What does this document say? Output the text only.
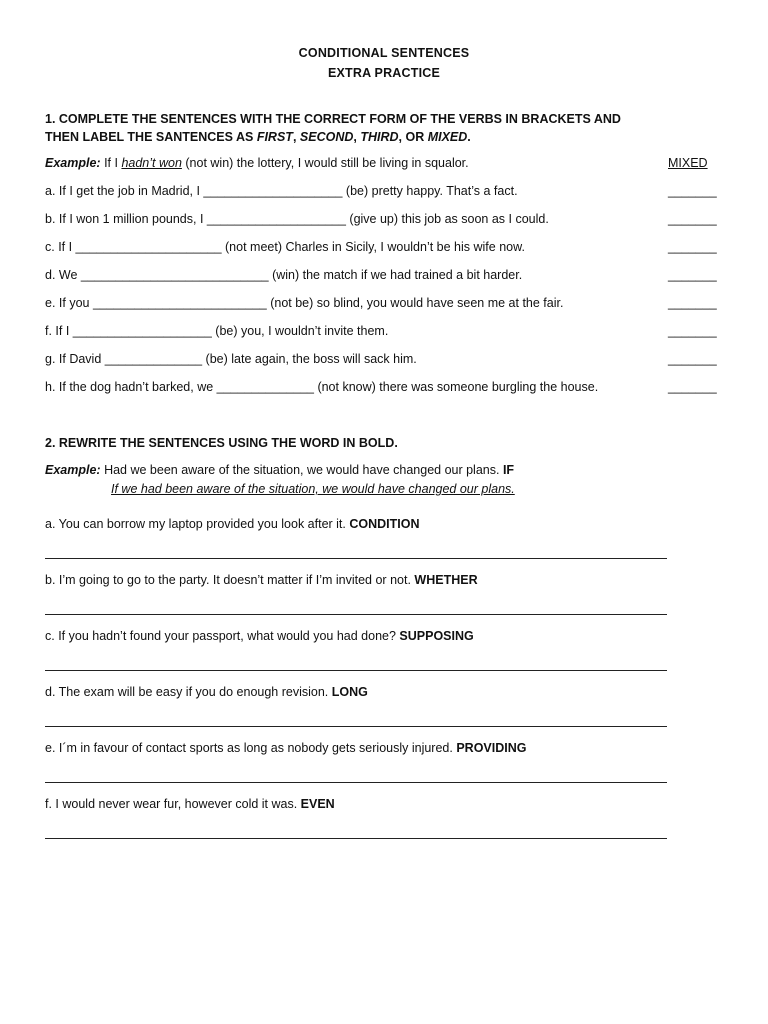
CONDITIONAL SENTENCES
EXTRA PRACTICE
1. COMPLETE THE SENTENCES WITH THE CORRECT FORM OF THE VERBS IN BRACKETS AND
THEN LABEL THE SANTENCES AS FIRST, SECOND, THIRD, OR MIXED.
Example: If I hadn’t won (not win) the lottery, I would still be living in squalor.	MIXED
a. If I get the job in Madrid, I ____________________ (be) pretty happy. That’s a fact.	_______
b. If I won 1 million pounds, I ____________________ (give up) this job as soon as I could.	_______
c. If I _____________________ (not meet) Charles in Sicily, I wouldn’t be his wife now.	_______
d. We ___________________________ (win) the match if we had trained a bit harder.	_______
e. If you _________________________ (not be) so blind, you would have seen me at the fair.	_______
f. If I ____________________ (be) you, I wouldn’t invite them.	_______
g. If David ______________ (be) late again, the boss will sack him.	_______
h. If the dog hadn’t barked, we ______________ (not know) there was someone burgling the house.	_______
2. REWRITE THE SENTENCES USING THE WORD IN BOLD.
Example: Had we been aware of the situation, we would have changed our plans. IF
If we had been aware of the situation, we would have changed our plans.
a. You can borrow my laptop provided you look after it. CONDITION
b. I’m going to go to the party. It doesn’t matter if I’m invited or not. WHETHER
c. If you hadn’t found your passport, what would you had done? SUPPOSING
d. The exam will be easy if you do enough revision. LONG
e. I´m in favour of contact sports as long as nobody gets seriously injured. PROVIDING
f. I would never wear fur, however cold it was. EVEN
